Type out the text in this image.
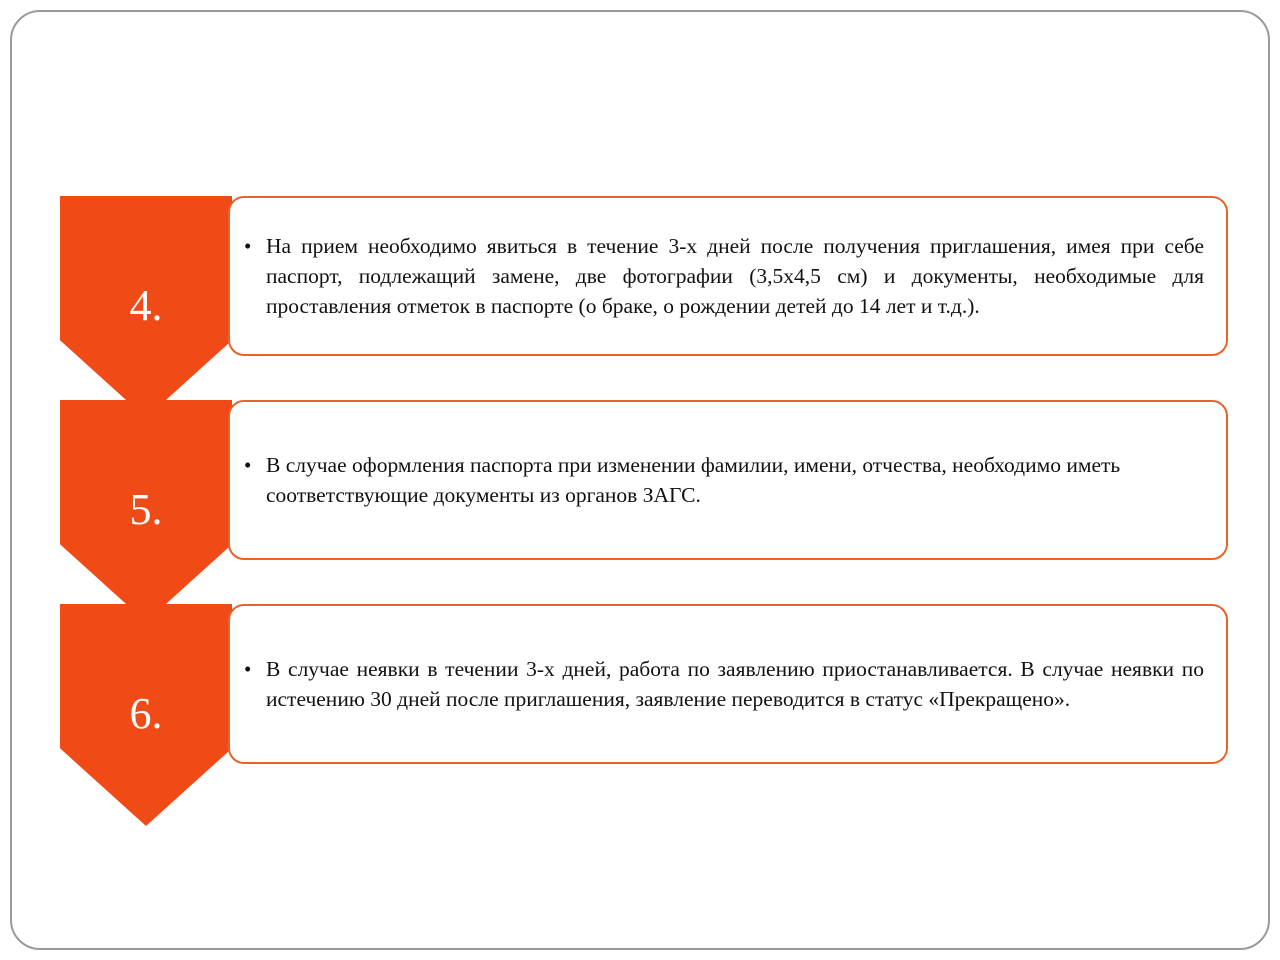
4.
• На прием необходимо явиться в течение 3-х дней после получения приглашения, имея при себе паспорт, подлежащий замене, две фотографии (3,5х4,5 см) и документы, необходимые для проставления отметок в паспорте (о браке, о рождении детей до 14 лет и т.д.).
5.
• В случае оформления паспорта при изменении фамилии, имени, отчества, необходимо иметь соответствующие документы из органов ЗАГС.
6.
• В случае неявки в течении 3-х дней, работа по заявлению приостанавливается. В случае неявки по истечению 30 дней после приглашения, заявление переводится в статус «Прекращено».
